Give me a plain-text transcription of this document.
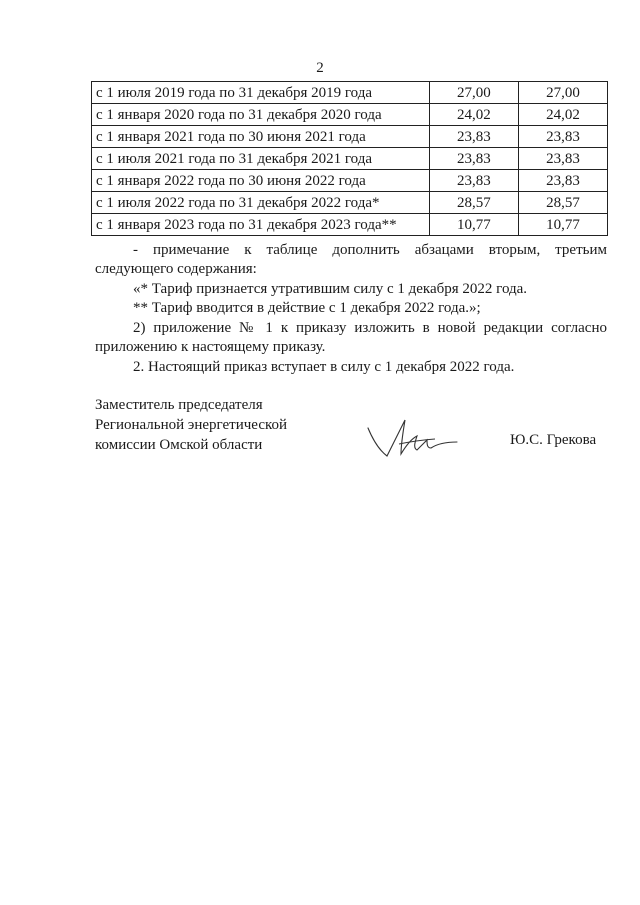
2
с 1 июля 2019 года по 31 декабря 2019 года	27,00	27,00
с 1 января 2020 года по 31 декабря 2020 года	24,02	24,02
с 1 января 2021 года по 30 июня 2021 года	23,83	23,83
с 1 июля 2021 года по 31 декабря 2021 года	23,83	23,83
с 1 января 2022 года по 30 июня 2022 года	23,83	23,83
с 1 июля 2022 года по 31 декабря 2022 года*	28,57	28,57
с 1 января 2023 года по 31 декабря 2023 года**	10,77	10,77
- примечание к таблице дополнить абзацами вторым, третьим
следующего содержания:
«* Тариф признается утратившим силу с 1 декабря 2022 года.
** Тариф вводится в действие с 1 декабря 2022 года.»;
2) приложение № 1 к приказу изложить в новой редакции согласно
приложению к настоящему приказу.
2. Настоящий приказ вступает в силу с 1 декабря 2022 года.
Заместитель председателя
Региональной энергетической
комиссии Омской области	Ю.С. Грекова
